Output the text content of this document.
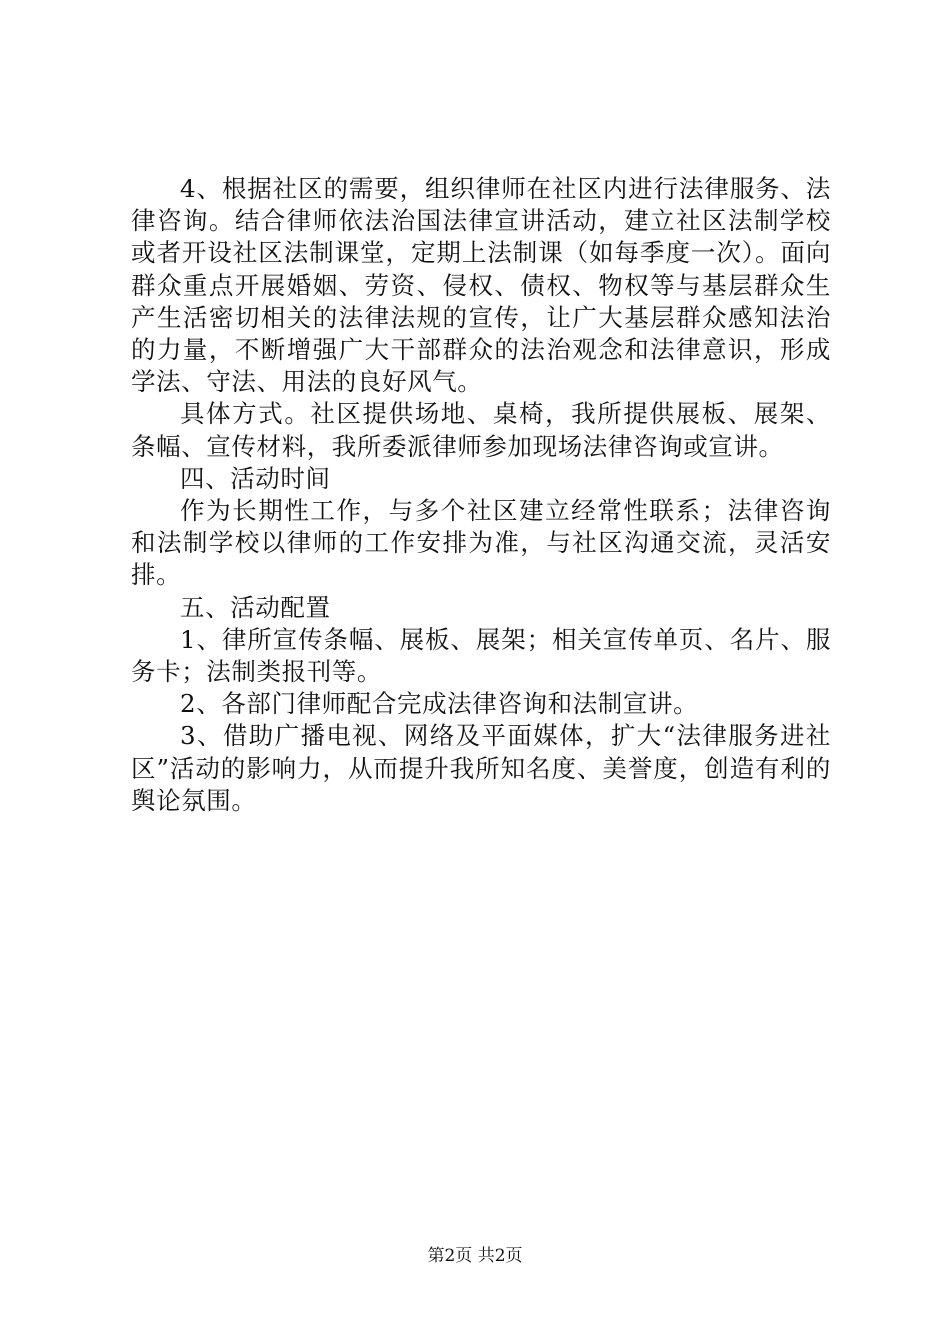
4、根据社区的需要，组织律师在社区内进行法律服务、法律咨询。结合律师依法治国法律宣讲活动，建立社区法制学校或者开设社区法制课堂，定期上法制课（如每季度一次）。面向群众重点开展婚姻、劳资、侵权、债权、物权等与基层群众生产生活密切相关的法律法规的宣传，让广大基层群众感知法治的力量，不断增强广大干部群众的法治观念和法律意识，形成学法、守法、用法的良好风气。

具体方式。社区提供场地、桌椅，我所提供展板、展架、条幅、宣传材料，我所委派律师参加现场法律咨询或宣讲。

四、活动时间

作为长期性工作，与多个社区建立经常性联系；法律咨询和法制学校以律师的工作安排为准，与社区沟通交流，灵活安排。

五、活动配置

1、律所宣传条幅、展板、展架；相关宣传单页、名片、服务卡；法制类报刊等。

2、各部门律师配合完成法律咨询和法制宣讲。

3、借助广播电视、网络及平面媒体，扩大“法律服务进社区”活动的影响力，从而提升我所知名度、美誉度，创造有利的舆论氛围。

第2页 共2页
